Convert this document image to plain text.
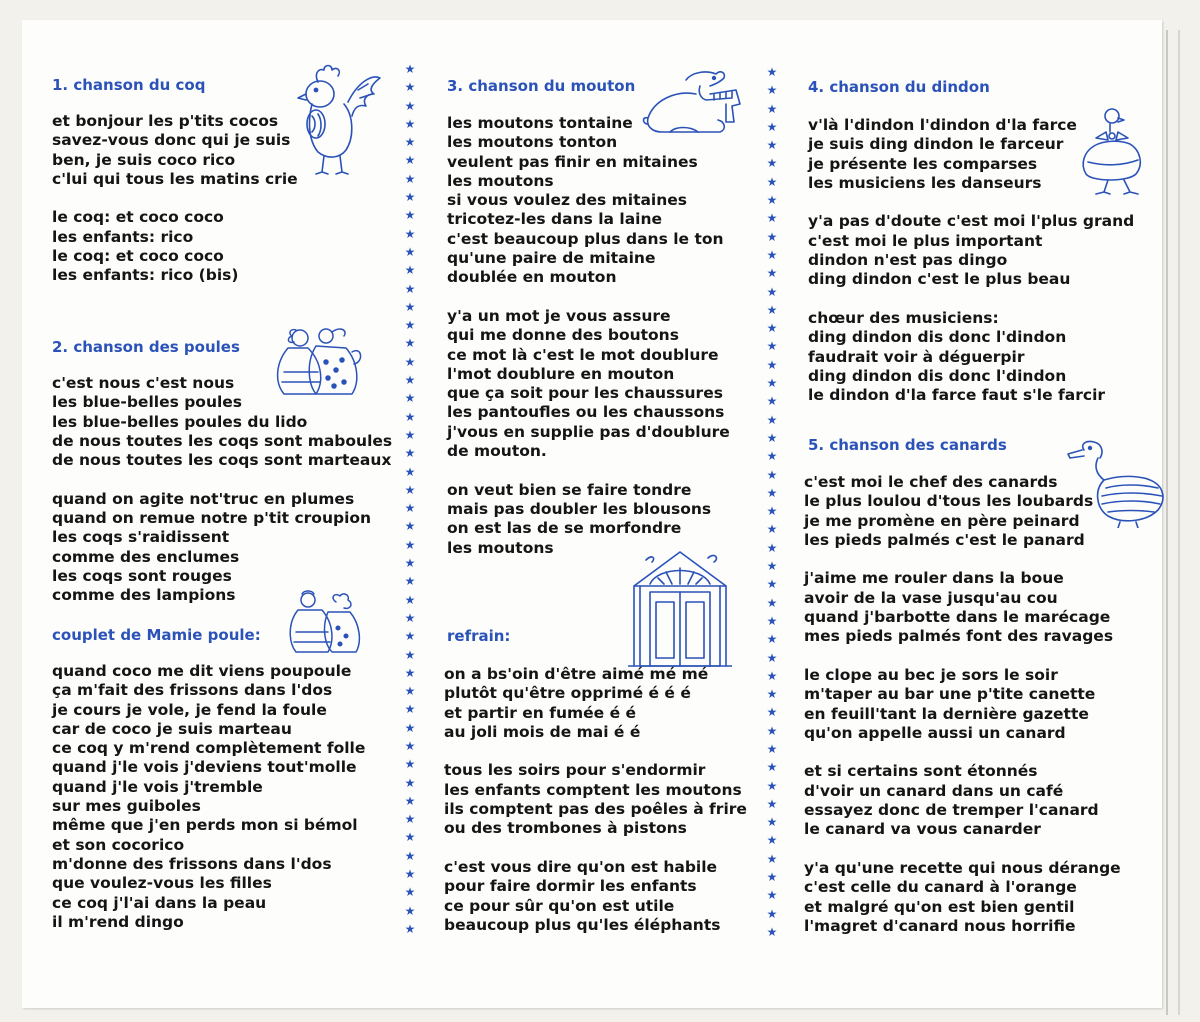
1. chanson du coq
et bonjour les p'tits cocos
savez-vous donc qui je suis
ben, je suis coco rico
c'lui qui tous les matins crie
le coq: et coco coco
les enfants: rico
le coq: et coco coco
les enfants: rico (bis)
2. chanson des poules
c'est nous c'est nous
les blue-belles poules
les blue-belles poules du lido
de nous toutes les coqs sont maboules
de nous toutes les coqs sont marteaux
quand on agite not'truc en plumes
quand on remue notre p'tit croupion
les coqs s'raidissent
comme des enclumes
les coqs sont rouges
comme des lampions
couplet de Mamie poule:
quand coco me dit viens poupoule
ça m'fait des frissons dans l'dos
je cours je vole, je fend la foule
car de coco je suis marteau
ce coq y m'rend complètement folle
quand j'le vois j'deviens tout'molle
quand j'le vois j'tremble
sur mes guiboles
même que j'en perds mon si bémol
et son cocorico
m'donne des frissons dans l'dos
que voulez-vous les filles
ce coq j'l'ai dans la peau
il m'rend dingo
★
★
★
★
★
★
★
★
★
★
★
★
★
★
★
★
★
★
★
★
★
★
★
★
★
★
★
★
★
★
★
★
★
★
★
★
★
★
★
★
★
★
★
★
★
★
★
★
★
★
★
★
★
★
★
★
★
★
★
★
★
★
★
★
★
★
★
★
★
★
★
★
★
★
★
★
★
★
★
★
★
★
★
★
★
★
★
★
★
★
★
★
★
★
★
★
3. chanson du mouton
les moutons tontaine
les moutons tonton
veulent pas finir en mitaines
les moutons
si vous voulez des mitaines
tricotez-les dans la laine
c'est beaucoup plus dans le ton
qu'une paire de mitaine
doublée en mouton
y'a un mot je vous assure
qui me donne des boutons
ce mot là c'est le mot doublure
l'mot doublure en mouton
que ça soit pour les chaussures
les pantoufles ou les chaussons
j'vous en supplie pas d'doublure
de mouton.
on veut bien se faire tondre
mais pas doubler les blousons
on est las de se morfondre
les moutons
refrain:
on a bs'oin d'être aimé mé mé
plutôt qu'être opprimé é é é
et partir en fumée é é
au joli mois de mai é é
tous les soirs pour s'endormir
les enfants comptent les moutons
ils comptent pas des poêles à frire
ou des trombones à pistons
c'est vous dire qu'on est habile
pour faire dormir les enfants
ce pour sûr qu'on est utile
beaucoup plus qu'les éléphants
4. chanson du dindon
v'là l'dindon l'dindon d'la farce
je suis ding dindon le farceur
je présente les comparses
les musiciens les danseurs
y'a pas d'doute c'est moi l'plus grand
c'est moi le plus important
dindon n'est pas dingo
ding dindon c'est le plus beau
chœur des musiciens:
ding dindon dis donc l'dindon
faudrait voir à déguerpir
ding dindon dis donc l'dindon
le dindon d'la farce faut s'le farcir
5. chanson des canards
c'est moi le chef des canards
le plus loulou d'tous les loubards
je me promène en père peinard
les pieds palmés c'est le panard
j'aime me rouler dans la boue
avoir de la vase jusqu'au cou
quand j'barbotte dans le marécage
mes pieds palmés font des ravages
le clope au bec je sors le soir
m'taper au bar une p'tite canette
en feuill'tant la dernière gazette
qu'on appelle aussi un canard
et si certains sont étonnés
d'voir un canard dans un café
essayez donc de tremper l'canard
le canard va vous canarder
y'a qu'une recette qui nous dérange
c'est celle du canard à l'orange
et malgré qu'on est bien gentil
l'magret d'canard nous horrifie
